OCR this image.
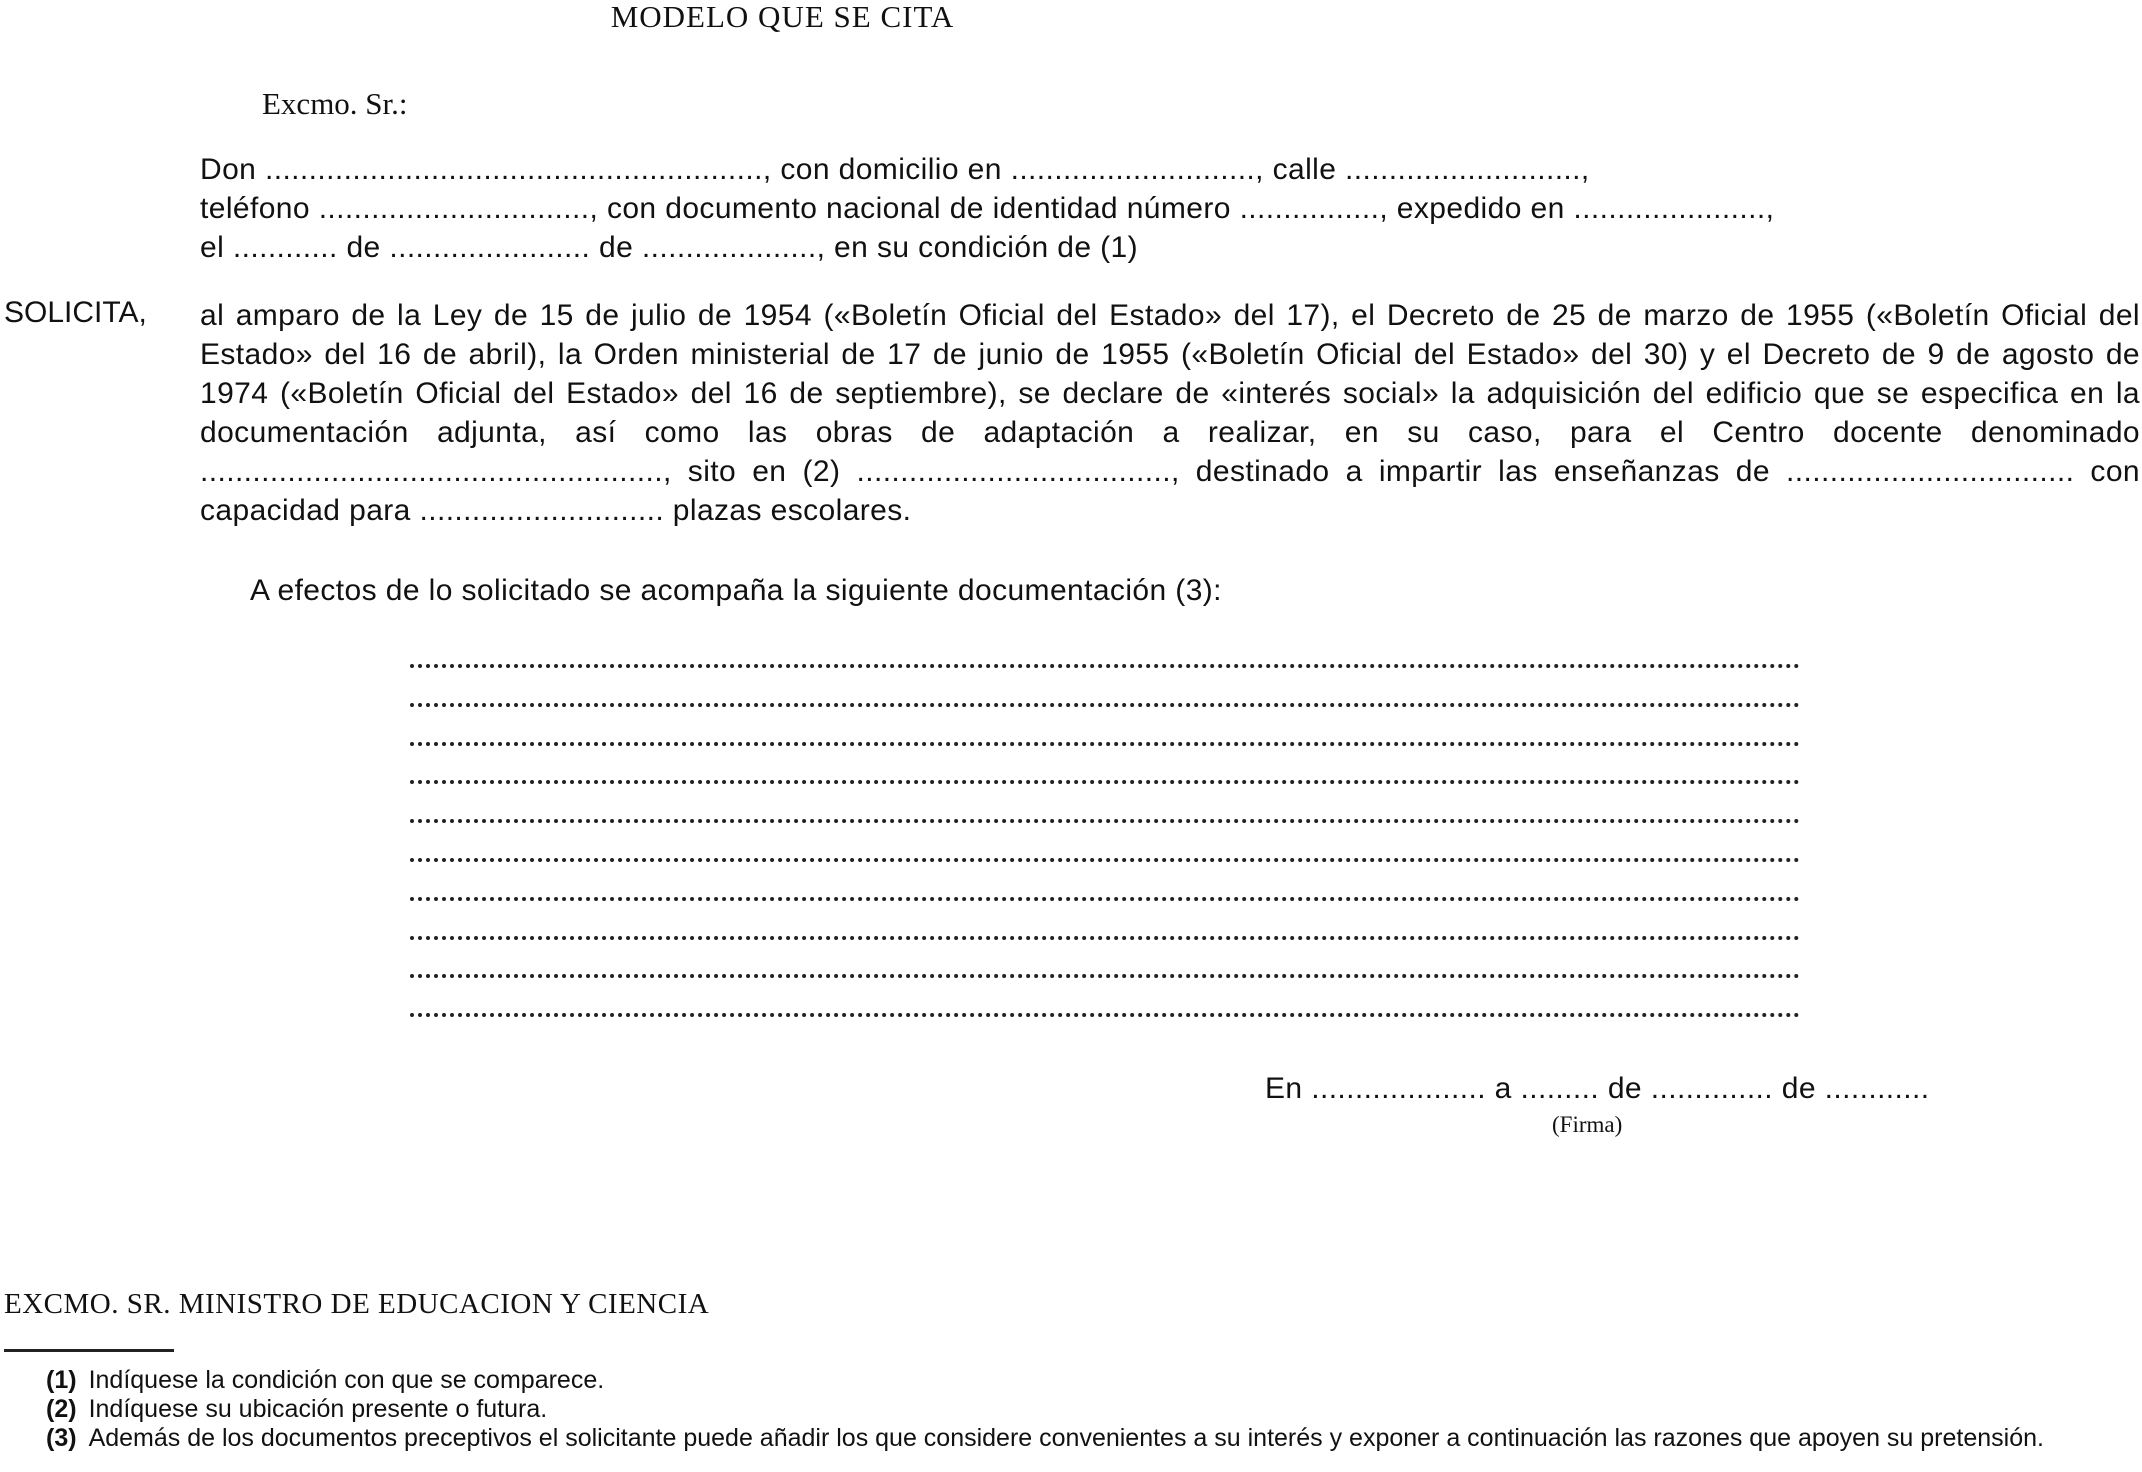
MODELO QUE SE CITA
Excmo. Sr.:
Don ........................................................., con domicilio en ............................, calle ...........................,
teléfono ..............................., con documento nacional de identidad número ................, expedido en ......................,
el ............ de ....................... de ...................., en su condición de (1)
SOLICITA, al amparo de la Ley de 15 de julio de 1954 («Boletín Oficial del Estado» del 17), el Decreto de 25 de marzo de 1955 («Boletín Oficial del Estado» del 16 de abril), la Orden ministerial de 17 de junio de 1955 («Boletín Oficial del Estado» del 30) y el Decreto de 9 de agosto de 1974 («Boletín Oficial del Estado» del 16 de septiembre), se declare de «interés social» la adquisición del edificio que se especifica en la documentación adjunta, así como las obras de adaptación a realizar, en su caso, para el Centro docente denominado ....................................................., sito en (2) ...................................., destinado a impartir las enseñanzas de ................................. con capacidad para ............................ plazas escolares.
A efectos de lo solicitado se acompaña la siguiente documentación (3):
En .................... a ......... de .............. de ............
(Firma)
EXCMO. SR. MINISTRO DE EDUCACION Y CIENCIA
(1) Indíquese la condición con que se comparece.
(2) Indíquese su ubicación presente o futura.
(3) Además de los documentos preceptivos el solicitante puede añadir los que considere convenientes a su interés y exponer a continuación las razones que apoyen su pretensión.
